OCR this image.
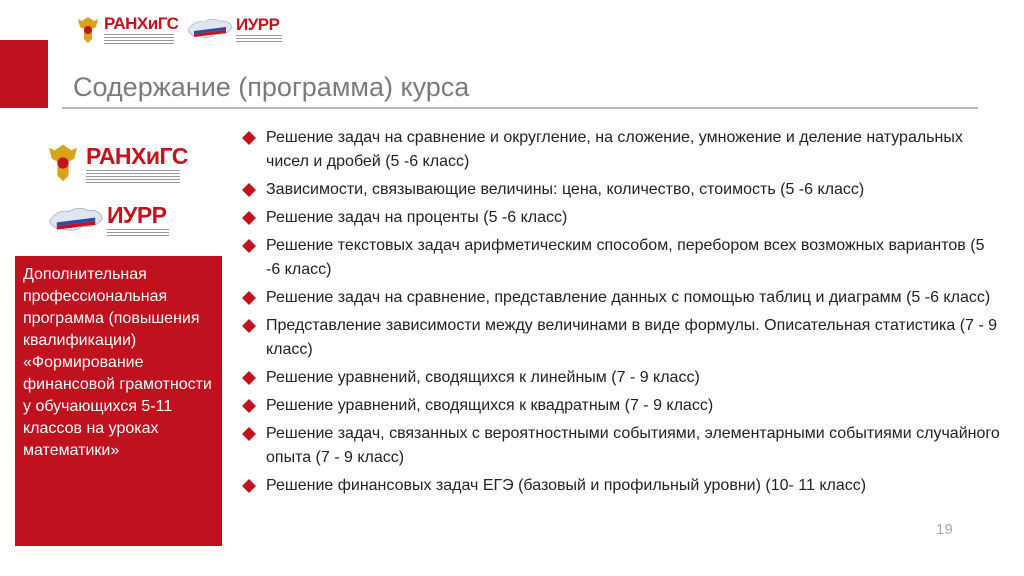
РАНХиГС	ИУРР
Содержание (программа) курса
РАНХиГС
ИУРР
Дополнительная профессиональная программа (повышения квалификации) «Формирование финансовой грамотности у обучающихся 5-11 классов на уроках математики»
Решение задач на сравнение и округление, на сложение, умножение и деление натуральных чисел и дробей (5 -6 класс)
Зависимости, связывающие величины: цена, количество, стоимость (5 -6 класс)
Решение задач на проценты (5 -6 класс)
Решение текстовых задач арифметическим способом, перебором всех возможных вариантов (5 -6 класс)
Решение задач на сравнение, представление данных с помощью таблиц и диаграмм (5 -6 класс)
Представление зависимости между величинами в виде формулы. Описательная статистика (7 - 9 класс)
Решение уравнений, сводящихся к линейным (7 - 9 класс)
Решение уравнений, сводящихся к квадратным (7 - 9 класс)
Решение задач, связанных с вероятностными событиями, элементарными событиями случайного опыта (7 - 9 класс)
Решение финансовых задач ЕГЭ (базовый и профильный уровни) (10- 11 класс)
19
